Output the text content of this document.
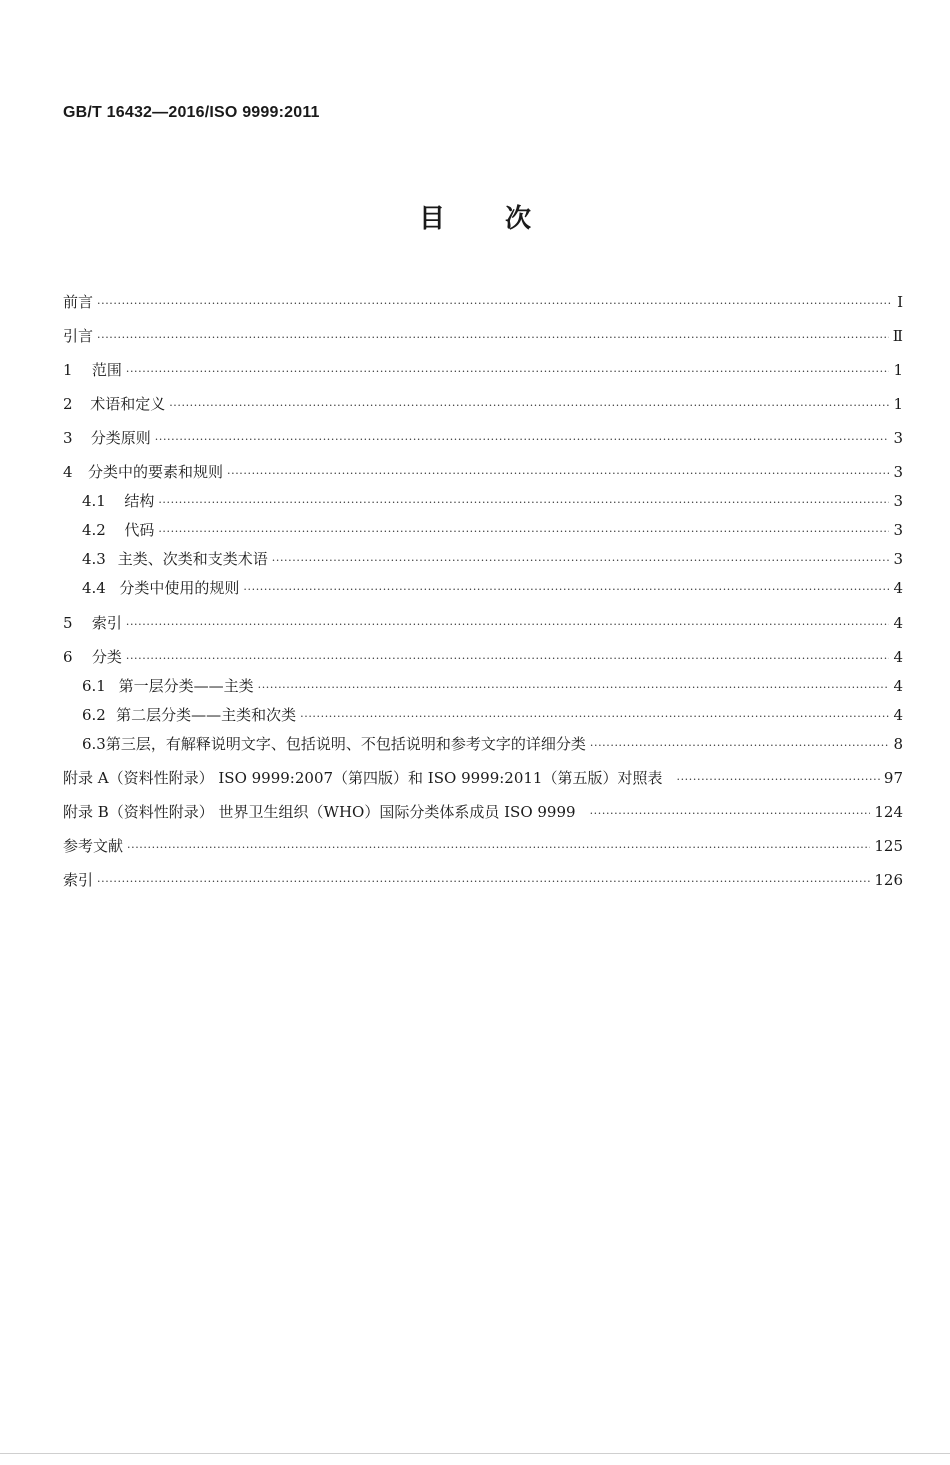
GB/T 16432—2016/ISO 9999:2011
目次
前言 ·····	Ⅰ
引言 ·····	Ⅱ
1	范围 ·····	1
2	术语和定义 ·····	1
3	分类原则 ·····	3
4	分类中的要素和规则 ·····	3
4.1	结构 ·····	3
4.2	代码 ·····	3
4.3 主类、次类和支类术语 ·····	3
4.4 分类中使用的规则 ·····	4
5	索引 ·····	4
6	分类 ·····	4
6.1 第一层分类——主类 ·····	4
6.2 第二层分类——主类和次类 ·····	4
6.3 第三层，有解释说明文字、包括说明、不包括说明和参考文字的详细分类 ·····	8
附录 A（资料性附录） ISO 9999:2007（第四版）和 ISO 9999:2011（第五版）对照表 ·····	97
附录 B（资料性附录） 世界卫生组织（WHO）国际分类体系成员 ISO 9999 ·····	124
参考文献 ·····	125
索引 ·····	126
